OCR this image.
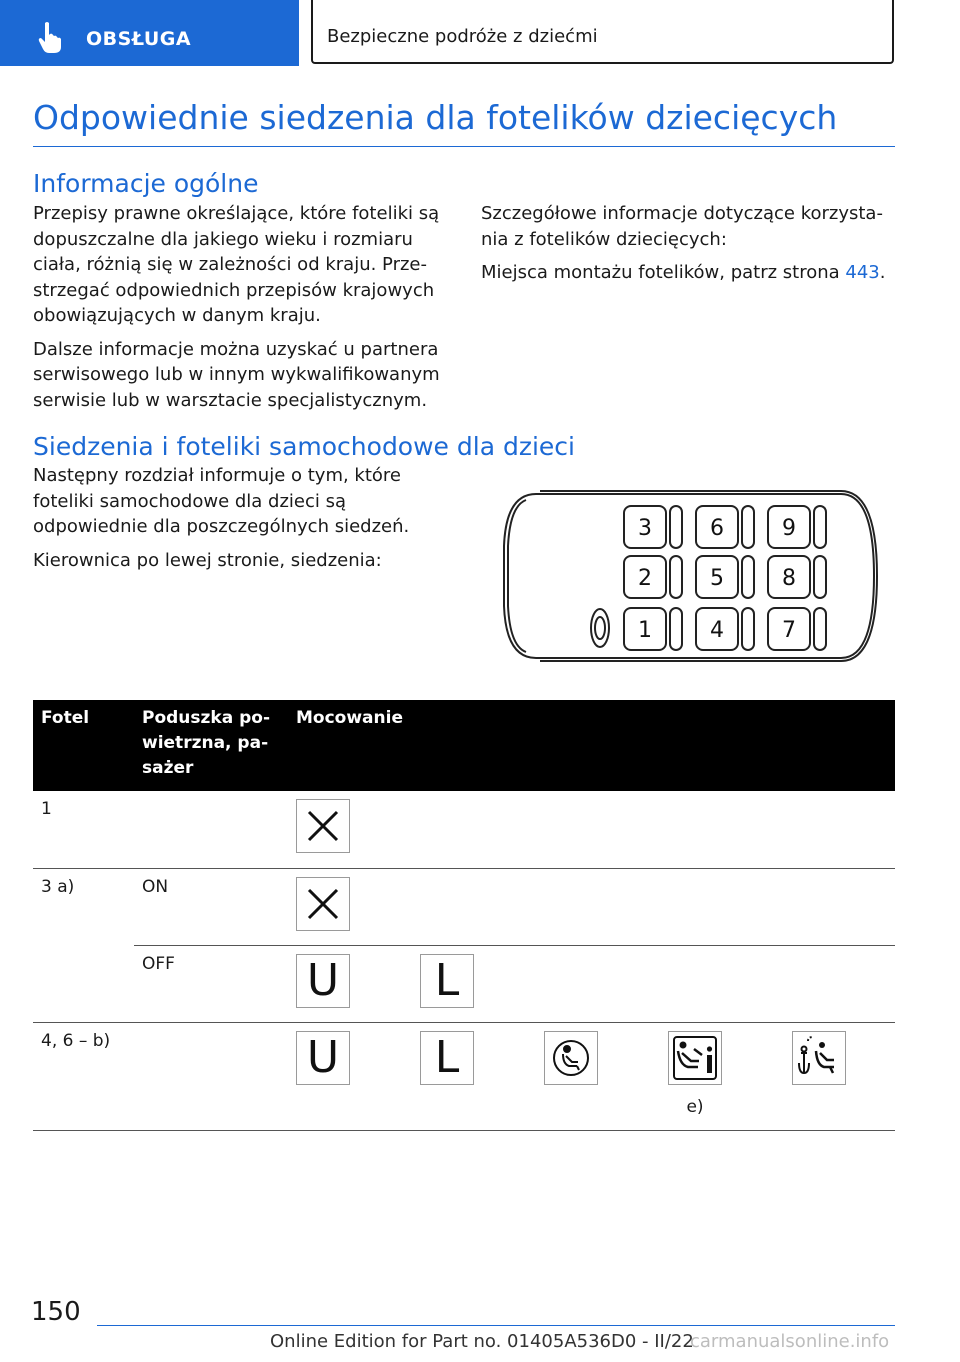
OBSŁUGA	Bezpieczne podróże z dziećmi
Odpowiednie siedzenia dla fotelików dziecięcych
Informacje ogólne

Przepisy prawne określające, które foteliki są dopuszczalne dla jakiego wieku i rozmiaru ciała, różnią się w zależności od kraju. Przestrzegać odpowiednich przepisów krajowych obowiązujących w danym kraju.

Dalsze informacje można uzyskać u partnera serwisowego lub w innym wykwalifikowanym serwisie lub w warsztacie specjalistycznym.

Szczegółowe informacje dotyczące korzystania z fotelików dziecięcych:

Miejsca montażu fotelików, patrz strona 443.

Siedzenia i foteliki samochodowe dla dzieci

Następny rozdział informuje o tym, które foteliki samochodowe dla dzieci są odpowiednie dla poszczególnych siedzeń.

Kierownica po lewej stronie, siedzenia:

3	6	9
2	5	8
1	4	7
Fotel	Poduszka powietrzna, pasażer	Mocowanie
1		

3 a)	ON	

	OFF	U L

4, 6 – b)		U L
e)
150
Online Edition for Part no. 01405A536D0 - II/22
carmanualsonline.info
